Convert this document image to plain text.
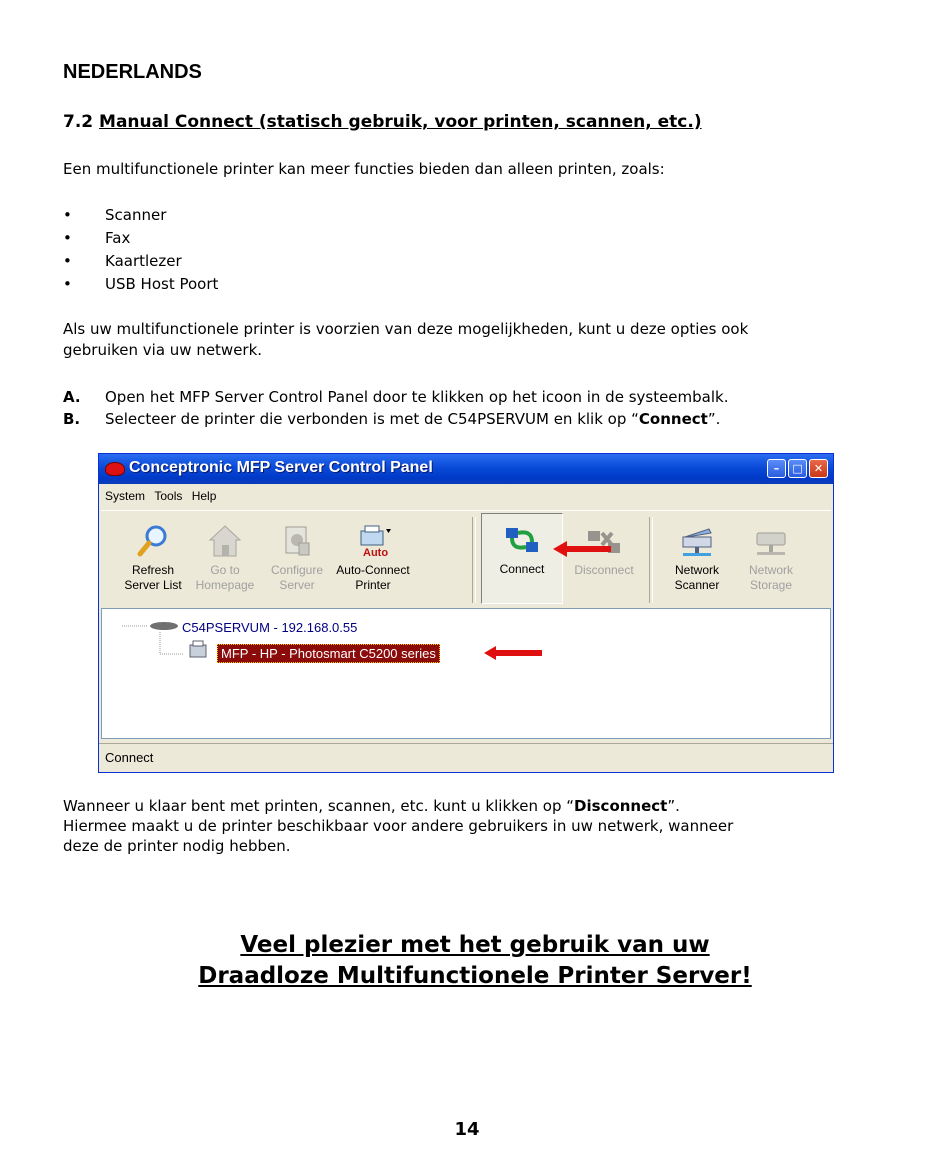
NEDERLANDS
7.2 Manual Connect (statisch gebruik, voor printen, scannen, etc.)

Een multifunctionele printer kan meer functies bieden dan alleen printen, zoals:

• Scanner
• Fax
• Kaartlezer
• USB Host Poort

Als uw multifunctionele printer is voorzien van deze mogelijkheden, kunt u deze opties ook

gebruiken via uw netwerk.

A. Open het MFP Server Control Panel door te klikken op het icoon in de systeembalk.
B. Selecteer de printer die verbonden is met de C54PSERVUM en klik op “Connect”.
Conceptronic MFP Server Control Panel	–	□	✕
System Tools Help
Refresh
Server List
Go to
Homepage
Configure
Server
Auto
Auto-Connect
Printer
Connect	Disconnect	Network
Scanner
Network
Storage
C54PSERVUM - 192.168.0.55
MFP - HP - Photosmart C5200 series
Connect

Wanneer u klaar bent met printen, scannen, etc. kunt u klikken op “Disconnect”.
Hiermee maakt u de printer beschikbaar voor andere gebruikers in uw netwerk, wanneer
deze de printer nodig hebben.

Veel plezier met het gebruik van uw
Draadloze Multifunctionele Printer Server!

14
